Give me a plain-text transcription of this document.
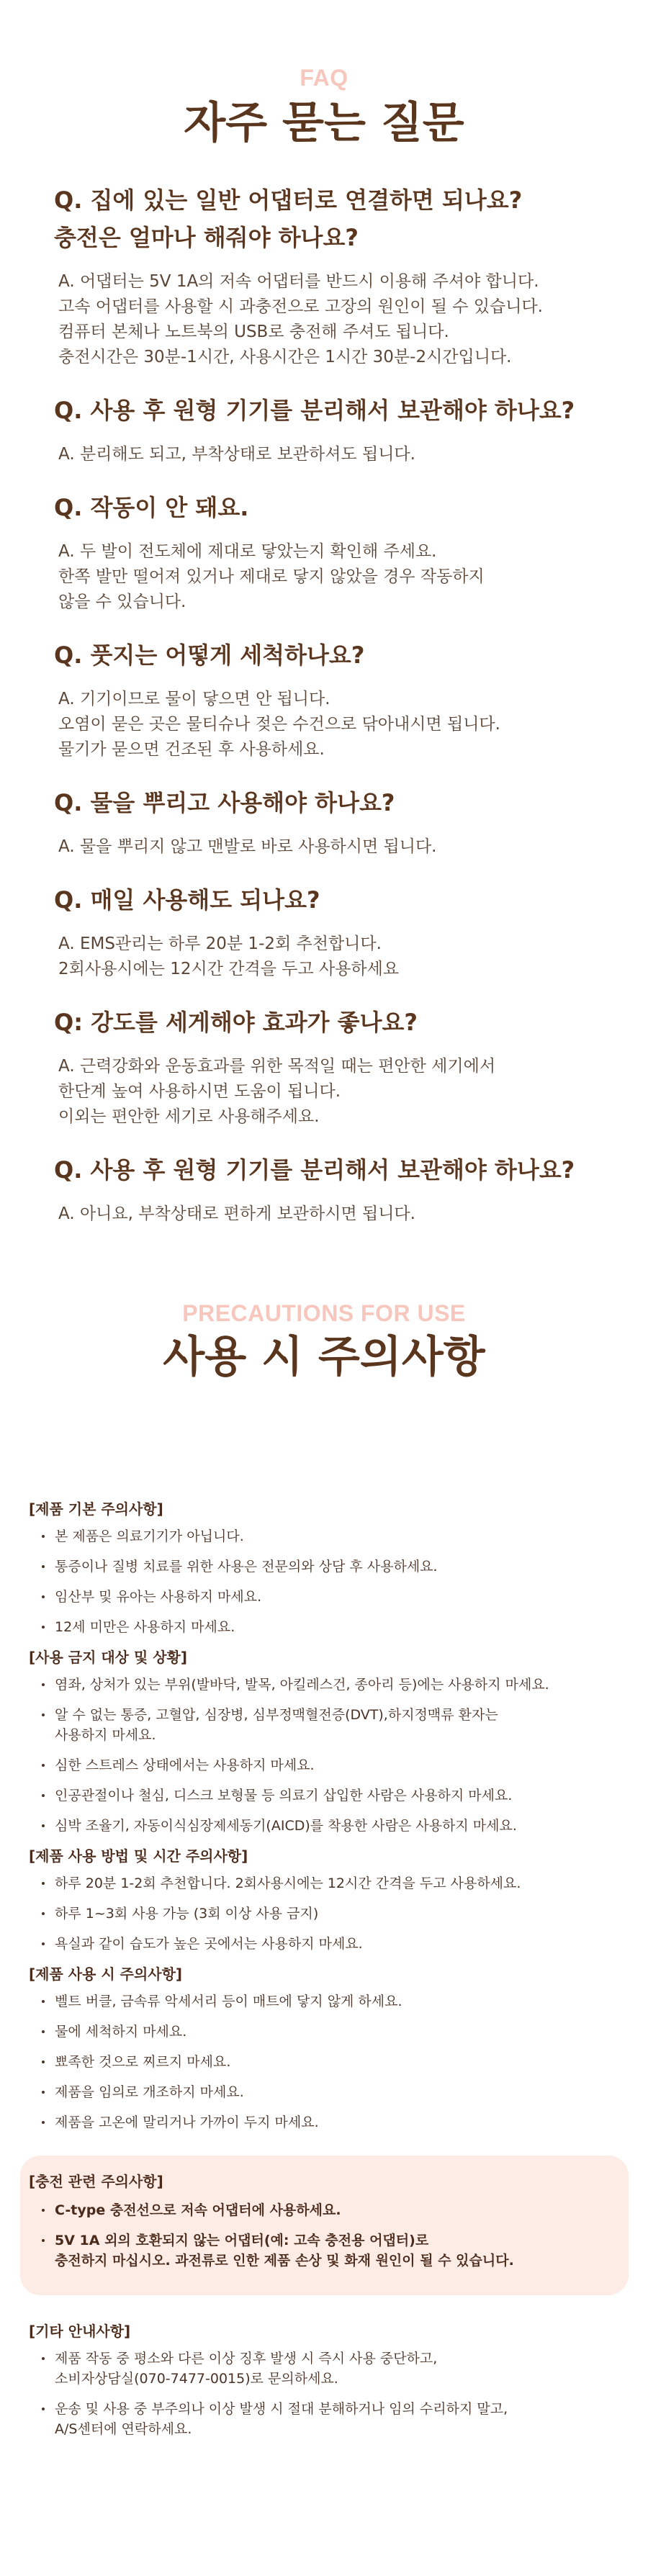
FAQ
자주 묻는 질문
Q. 집에 있는 일반 어댑터로 연결하면 되나요?
충전은 얼마나 해줘야 하나요?
A. 어댑터는 5V 1A의 저속 어댑터를 반드시 이용해 주셔야 합니다.
고속 어댑터를 사용할 시 과충전으로 고장의 원인이 될 수 있습니다.
컴퓨터 본체나 노트북의 USB로 충전해 주셔도 됩니다.
충전시간은 30분-1시간, 사용시간은 1시간 30분-2시간입니다.
Q. 사용 후 원형 기기를 분리해서 보관해야 하나요?
A. 분리해도 되고, 부착상태로 보관하셔도 됩니다.
Q. 작동이 안 돼요.
A. 두 발이 전도체에 제대로 닿았는지 확인해 주세요.
한쪽 발만 떨어져 있거나 제대로 닿지 않았을 경우 작동하지
않을 수 있습니다.
Q. 풋지는 어떻게 세척하나요?
A. 기기이므로 물이 닿으면 안 됩니다.
오염이 묻은 곳은 물티슈나 젖은 수건으로 닦아내시면 됩니다.
물기가 묻으면 건조된 후 사용하세요.
Q. 물을 뿌리고 사용해야 하나요?
A. 물을 뿌리지 않고 맨발로 바로 사용하시면 됩니다.
Q. 매일 사용해도 되나요?
A. EMS관리는 하루 20분 1-2회 추천합니다.
2회사용시에는 12시간 간격을 두고 사용하세요
Q: 강도를 세게해야 효과가 좋나요?
A. 근력강화와 운동효과를 위한 목적일 때는 편안한 세기에서
한단계 높여 사용하시면 도움이 됩니다.
이외는 편안한 세기로 사용해주세요.
Q. 사용 후 원형 기기를 분리해서 보관해야 하나요?
A. 아니요, 부착상태로 편하게 보관하시면 됩니다.
PRECAUTIONS FOR USE
사용 시 주의사항
[제품 기본 주의사항]
본 제품은 의료기기가 아닙니다.
통증이나 질병 치료를 위한 사용은 전문의와 상담 후 사용하세요.
임산부 및 유아는 사용하지 마세요.
12세 미만은 사용하지 마세요.
[사용 금지 대상 및 상황]
염좌, 상처가 있는 부위(발바닥, 발목, 아킬레스건, 종아리 등)에는 사용하지 마세요.
알 수 없는 통증, 고혈압, 심장병, 심부정맥혈전증(DVT),하지정맥류 환자는
사용하지 마세요.
심한 스트레스 상태에서는 사용하지 마세요.
인공관절이나 철심, 디스크 보형물 등 의료기 삽입한 사람은 사용하지 마세요.
심박 조율기, 자동이식심장제세동기(AICD)를 착용한 사람은 사용하지 마세요.
[제품 사용 방법 및 시간 주의사항]
하루 20분 1-2회 추천합니다. 2회사용시에는 12시간 간격을 두고 사용하세요.
하루 1~3회 사용 가능 (3회 이상 사용 금지)
욕실과 같이 습도가 높은 곳에서는 사용하지 마세요.
[제품 사용 시 주의사항]
벨트 버클, 금속류 악세서리 등이 매트에 닿지 않게 하세요.
물에 세척하지 마세요.
뾰족한 것으로 찌르지 마세요.
제품을 임의로 개조하지 마세요.
제품을 고온에 말리거나 가까이 두지 마세요.
[충전 관련 주의사항]
C-type 충전선으로 저속 어댑터에 사용하세요.
5V 1A 외의 호환되지 않는 어댑터(예: 고속 충전용 어댑터)로
충전하지 마십시오. 과전류로 인한 제품 손상 및 화재 원인이 될 수 있습니다.
[기타 안내사항]
제품 작동 중 평소와 다른 이상 징후 발생 시 즉시 사용 중단하고,
소비자상담실(070-7477-0015)로 문의하세요.
운송 및 사용 중 부주의나 이상 발생 시 절대 분해하거나 임의 수리하지 말고,
A/S센터에 연락하세요.
